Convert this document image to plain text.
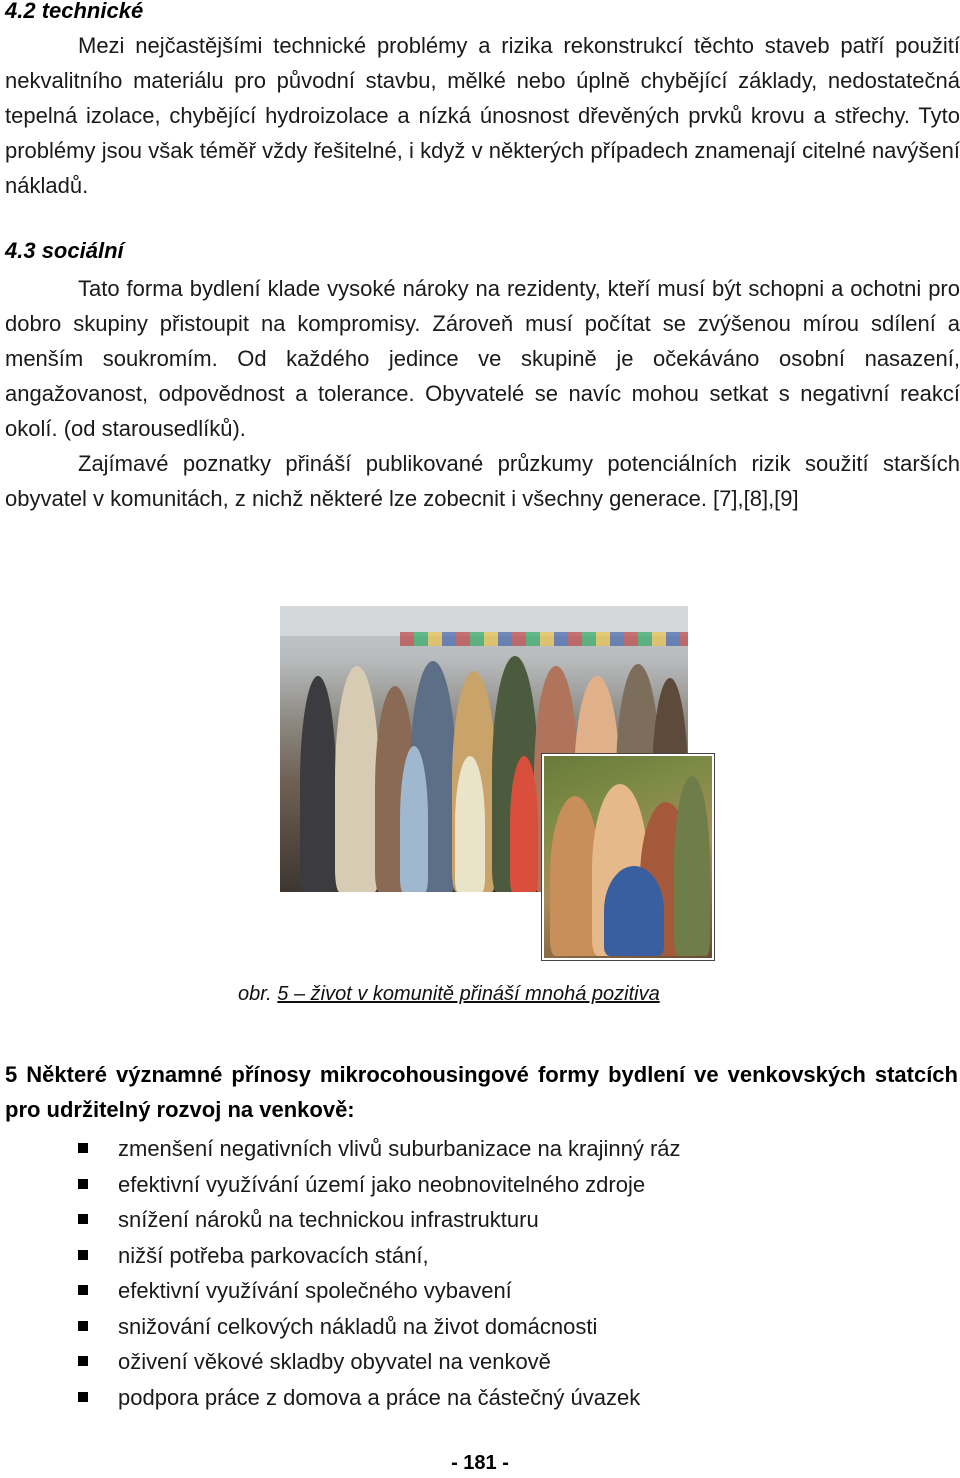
4.2 technické
Mezi nejčastějšími technické problémy a rizika rekonstrukcí těchto staveb patří použití nekvalitního materiálu pro původní stavbu, mělké nebo úplně chybějící základy, nedostatečná tepelná izolace, chybějící hydroizolace a nízká únosnost dřevěných prvků krovu a střechy. Tyto problémy jsou však téměř vždy řešitelné, i když v některých případech znamenají citelné navýšení nákladů.
4.3 sociální
Tato forma bydlení klade vysoké nároky na rezidenty, kteří musí být schopni a ochotni pro dobro skupiny přistoupit na kompromisy. Zároveň musí počítat se zvýšenou mírou sdílení a menším soukromím. Od každého jedince ve skupině je očekáváno osobní nasazení, angažovanost, odpovědnost a tolerance. Obyvatelé se navíc mohou setkat s negativní reakcí okolí. (od starousedlíků).
Zajímavé poznatky přináší publikované průzkumy potenciálních rizik soužití starších obyvatel v komunitách, z nichž některé lze zobecnit i všechny generace. [7],[8],[9]
obr. 5 – život v komunitě přináší mnohá pozitiva
5 Některé významné přínosy mikrocohousingové formy bydlení ve venkovských statcích pro udržitelný rozvoj na venkově:
zmenšení negativních vlivů suburbanizace na krajinný ráz
efektivní využívání území jako neobnovitelného zdroje
snížení nároků na technickou infrastrukturu
nižší potřeba parkovacích stání,
efektivní využívání společného vybavení
snižování celkových nákladů na život domácnosti
oživení věkové skladby obyvatel na venkově
podpora práce z domova a práce na částečný úvazek
- 181 -
